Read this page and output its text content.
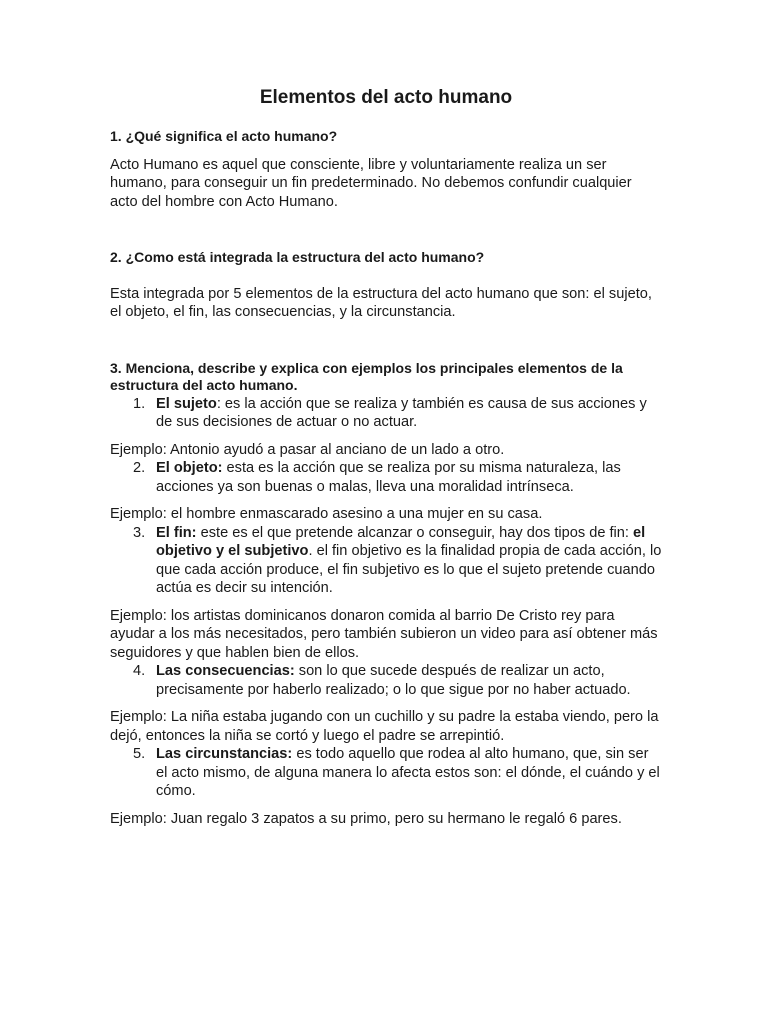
Elementos del acto humano

1. ¿Qué significa el acto humano?

Acto Humano es aquel que consciente, libre y voluntariamente realiza un ser humano, para conseguir un fin predeterminado. No debemos confundir cualquier acto del hombre con Acto Humano.

2. ¿Como está integrada la estructura del acto humano?

Esta integrada por 5 elementos de la estructura del acto humano que son: el sujeto, el objeto, el fin, las consecuencias, y la circunstancia.

3. Menciona, describe y explica con ejemplos los principales elementos de la estructura del acto humano.

1. El sujeto: es la acción que se realiza y también es causa de sus acciones y de sus decisiones de actuar o no actuar.

Ejemplo: Antonio ayudó a pasar al anciano de un lado a otro.

2. El objeto: esta es la acción que se realiza por su misma naturaleza, las acciones ya son buenas o malas, lleva una moralidad intrínseca.

Ejemplo: el hombre enmascarado asesino a una mujer en su casa.

3. El fin: este es el que pretende alcanzar o conseguir, hay dos tipos de fin: el objetivo y el subjetivo. el fin objetivo es la finalidad propia de cada acción, lo que cada acción produce, el fin subjetivo es lo que el sujeto pretende cuando actúa es decir su intención.

Ejemplo: los artistas dominicanos donaron comida al barrio De Cristo rey para ayudar a los más necesitados, pero también subieron un video para así obtener más seguidores y que hablen bien de ellos.

4. Las consecuencias: son lo que sucede después de realizar un acto, precisamente por haberlo realizado; o lo que sigue por no haber actuado.

Ejemplo: La niña estaba jugando con un cuchillo y su padre la estaba viendo, pero la dejó, entonces la niña se cortó y luego el padre se arrepintió.

5. Las circunstancias: es todo aquello que rodea al alto humano, que, sin ser el acto mismo, de alguna manera lo afecta estos son: el dónde, el cuándo y el cómo.

Ejemplo: Juan regalo 3 zapatos a su primo, pero su hermano le regaló 6 pares.
